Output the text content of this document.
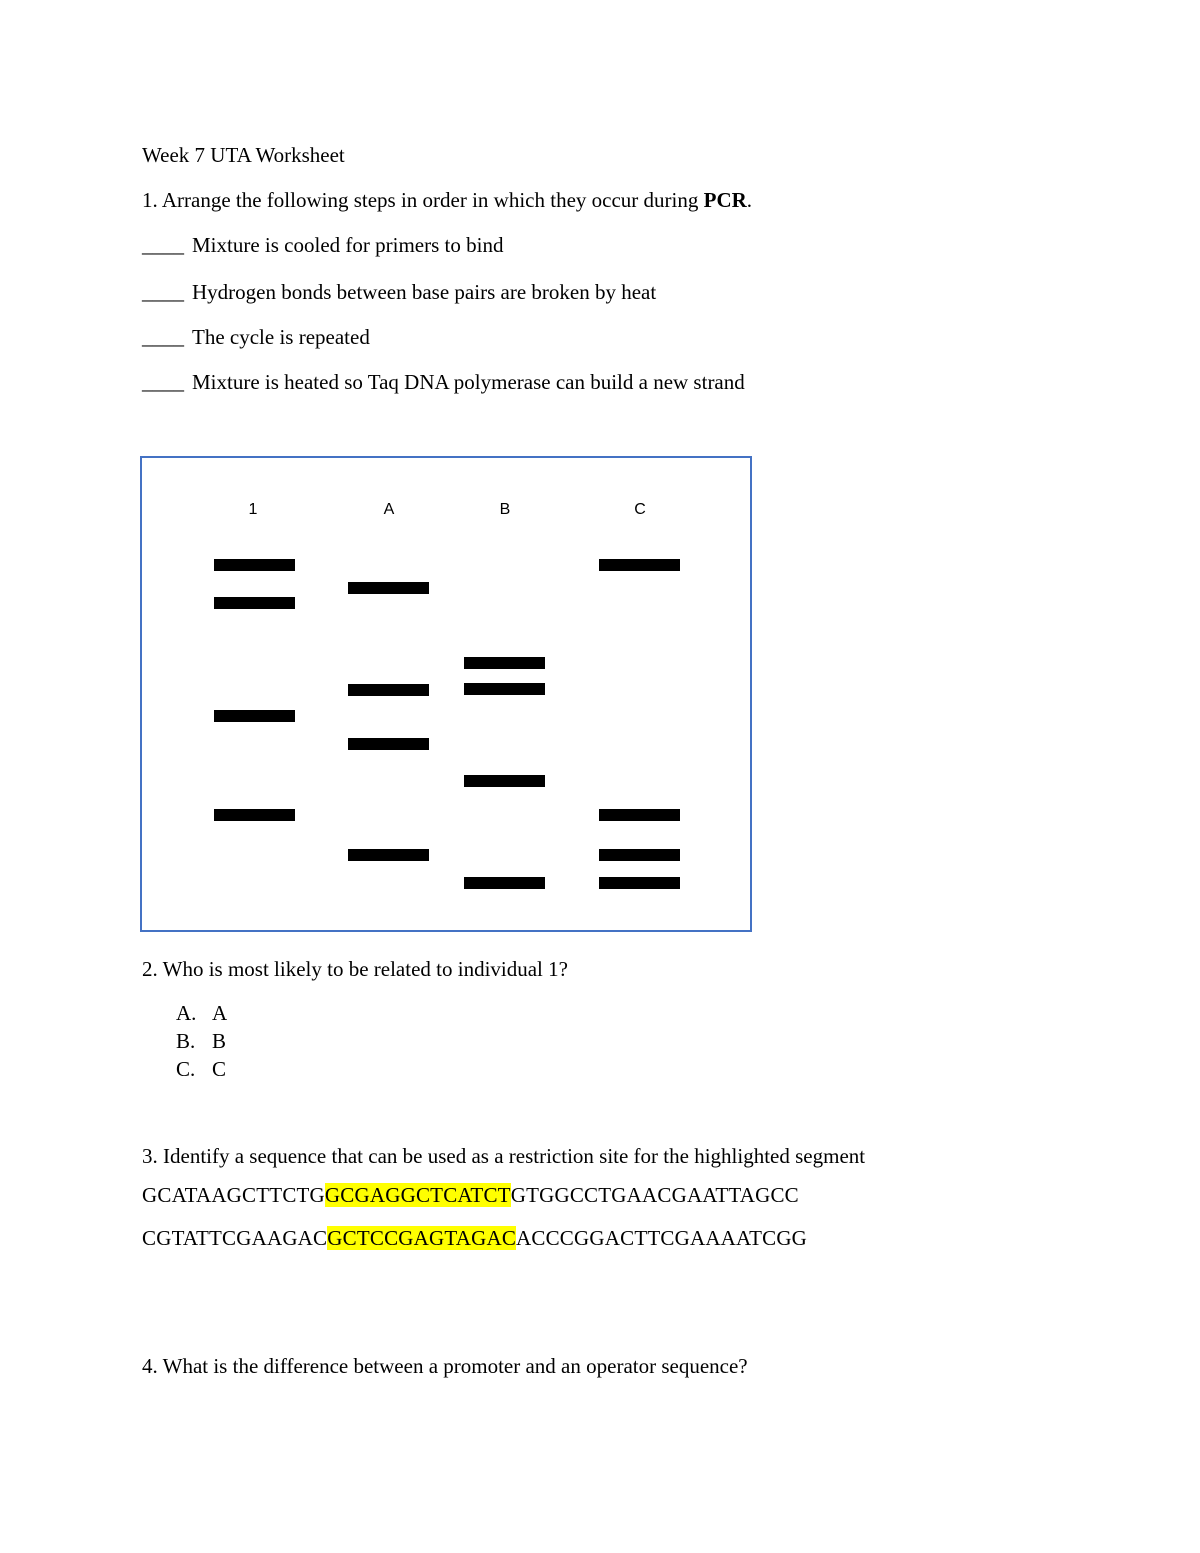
Week 7 UTA Worksheet
1. Arrange the following steps in order in which they occur during PCR.
____ Mixture is cooled for primers to bind
____ Hydrogen bonds between base pairs are broken by heat
____ The cycle is repeated
____ Mixture is heated so Taq DNA polymerase can build a new strand
1	A	B	C
2. Who is most likely to be related to individual 1?
A. A
B. B
C. C
3. Identify a sequence that can be used as a restriction site for the highlighted segment
GCATAAGCTTCTGGCGAGGCTCATCTGTGGCCTGAACGAATTAGCC
CGTATTCGAAGACGCTCCGAGTAGACACCCGGACTTCGAAAATCGG
4. What is the difference between a promoter and an operator sequence?
